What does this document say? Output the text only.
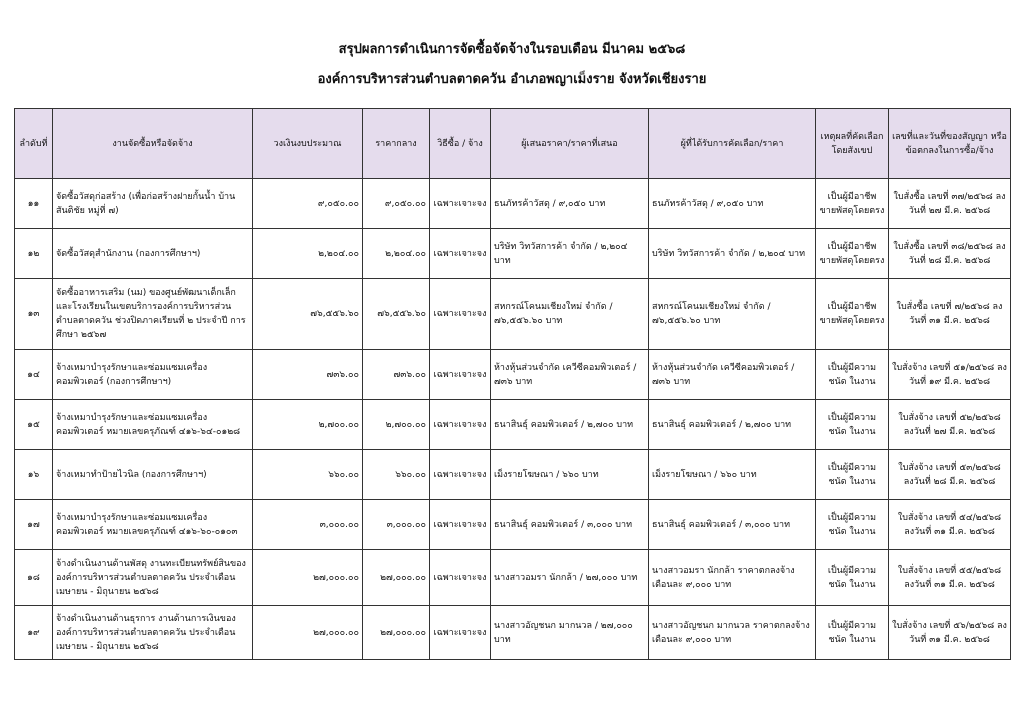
สรุปผลการดำเนินการจัดซื้อจัดจ้างในรอบเดือน มีนาคม ๒๕๖๘
องค์การบริหารส่วนตำบลตาดควัน อำเภอพญาเม็งราย จังหวัดเชียงราย
ลำดับที่	งานจัดซื้อหรือจัดจ้าง	วงเงินงบประมาณ	ราคากลาง	วิธีซื้อ / จ้าง	ผู้เสนอราคา/ราคาที่เสนอ	ผู้ที่ได้รับการคัดเลือก/ราคา	เหตุผลที่คัดเลือก โดยสังเขป	เลขที่และวันที่ของสัญญา หรือข้อตกลงในการซื้อ/จ้าง
๑๑	จัดซื้อวัสดุก่อสร้าง (เพื่อก่อสร้างฝายกั้นน้ำ บ้านสันติชัย หมู่ที่ ๗)	๙,๐๕๐.๐๐	๙,๐๕๐.๐๐	เฉพาะเจาะจง	ธนภัทรค้าวัสดุ / ๙,๐๕๐ บาท	ธนภัทรค้าวัสดุ / ๙,๐๕๐ บาท	เป็นผู้มีอาชีพ ขายพัสดุโดยตรง	ใบสั่งซื้อ เลขที่ ๓๗/๒๕๖๘ ลงวันที่ ๒๗ มี.ค. ๒๕๖๘
๑๒	จัดซื้อวัสดุสำนักงาน (กองการศึกษาฯ)	๒,๒๐๔.๐๐	๒,๒๐๔.๐๐	เฉพาะเจาะจง	บริษัท วิทวัสการค้า จำกัด / ๒,๒๐๔ บาท	บริษัท วิทวัสการค้า จำกัด / ๒,๒๐๔ บาท	เป็นผู้มีอาชีพ ขายพัสดุโดยตรง	ใบสั่งซื้อ เลขที่ ๓๘/๒๕๖๘ ลงวันที่ ๒๘ มี.ค. ๒๕๖๘
๑๓	จัดซื้ออาหารเสริม (นม) ของศูนย์พัฒนาเด็กเล็ก และโรงเรียนในเขตบริการองค์การบริหารส่วน ตำบลตาดควัน ช่วงปิดภาคเรียนที่ ๒ ประจำปี การศึกษา ๒๕๖๗	๗๖,๕๕๖.๖๐	๗๖,๕๕๖.๖๐	เฉพาะเจาะจง	สหกรณ์โคนมเชียงใหม่ จำกัด / ๗๖,๕๕๖.๖๐ บาท	สหกรณ์โคนมเชียงใหม่ จำกัด / ๗๖,๕๕๖.๖๐ บาท	เป็นผู้มีอาชีพ ขายพัสดุโดยตรง	ใบสั่งซื้อ เลขที่ ๗/๒๕๖๘ ลงวันที่ ๓๑ มี.ค. ๒๕๖๘
๑๔	จ้างเหมาบำรุงรักษาและซ่อมแซมเครื่อง คอมพิวเตอร์ (กองการศึกษาฯ)	๗๓๖.๐๐	๗๓๖.๐๐	เฉพาะเจาะจง	ห้างหุ้นส่วนจำกัด เควีซีคอมพิวเตอร์ / ๗๓๖ บาท	ห้างหุ้นส่วนจำกัด เควีซีคอมพิวเตอร์ / ๗๓๖ บาท	เป็นผู้มีความชนัด ในงาน	ใบสั่งจ้าง เลขที่ ๕๑/๒๕๖๘ ลงวันที่ ๑๙ มี.ค. ๒๕๖๘
๑๕	จ้างเหมาบำรุงรักษาและซ่อมแซมเครื่อง คอมพิวเตอร์ หมายเลขครุภัณฑ์ ๔๑๖-๖๔-๐๑๒๘	๒,๗๐๐.๐๐	๒,๗๐๐.๐๐	เฉพาะเจาะจง	ธนาสินธุ์ คอมพิวเตอร์ / ๒,๗๐๐ บาท	ธนาสินธุ์ คอมพิวเตอร์ / ๒,๗๐๐ บาท	เป็นผู้มีความชนัด ในงาน	ใบสั่งจ้าง เลขที่ ๕๒/๒๕๖๘ ลงวันที่ ๒๗ มี.ค. ๒๕๖๘
๑๖	จ้างเหมาทำป้ายไวนิล (กองการศึกษาฯ)	๖๖๐.๐๐	๖๖๐.๐๐	เฉพาะเจาะจง	เม็งรายโฆษณา / ๖๖๐ บาท	เม็งรายโฆษณา / ๖๖๐ บาท	เป็นผู้มีความชนัด ในงาน	ใบสั่งจ้าง เลขที่ ๕๓/๒๕๖๘ ลงวันที่ ๒๘ มี.ค. ๒๕๖๘
๑๗	จ้างเหมาบำรุงรักษาและซ่อมแซมเครื่อง คอมพิวเตอร์ หมายเลขครุภัณฑ์ ๔๑๖-๖๐-๐๑๐๓	๓,๐๐๐.๐๐	๓,๐๐๐.๐๐	เฉพาะเจาะจง	ธนาสินธุ์ คอมพิวเตอร์ / ๓,๐๐๐ บาท	ธนาสินธุ์ คอมพิวเตอร์ / ๓,๐๐๐ บาท	เป็นผู้มีความชนัด ในงาน	ใบสั่งจ้าง เลขที่ ๕๔/๒๕๖๘ ลงวันที่ ๓๑ มี.ค. ๒๕๖๘
๑๘	จ้างดำเนินงานด้านพัสดุ งานทะเบียนทรัพย์สินของ องค์การบริหารส่วนตำบลตาดควัน ประจำเดือน เมษายน - มิถุนายน ๒๕๖๘	๒๗,๐๐๐.๐๐	๒๗,๐๐๐.๐๐	เฉพาะเจาะจง	นางสาวอมรา นักกล้า / ๒๗,๐๐๐ บาท	นางสาวอมรา นักกล้า ราคาตกลงจ้าง เดือนละ ๙,๐๐๐ บาท	เป็นผู้มีความชนัด ในงาน	ใบสั่งจ้าง เลขที่ ๕๕/๒๕๖๘ ลงวันที่ ๓๑ มี.ค. ๒๕๖๘
๑๙	จ้างดำเนินงานด้านธุรการ งานด้านการเงินของ องค์การบริหารส่วนตำบลตาดควัน ประจำเดือน เมษายน - มิถุนายน ๒๕๖๘	๒๗,๐๐๐.๐๐	๒๗,๐๐๐.๐๐	เฉพาะเจาะจง	นางสาวอัญชนก มากนวล / ๒๗,๐๐๐ บาท	นางสาวอัญชนก มากนวล ราคาตกลงจ้าง เดือนละ ๙,๐๐๐ บาท	เป็นผู้มีความชนัด ในงาน	ใบสั่งจ้าง เลขที่ ๕๖/๒๕๖๘ ลงวันที่ ๓๑ มี.ค. ๒๕๖๘
